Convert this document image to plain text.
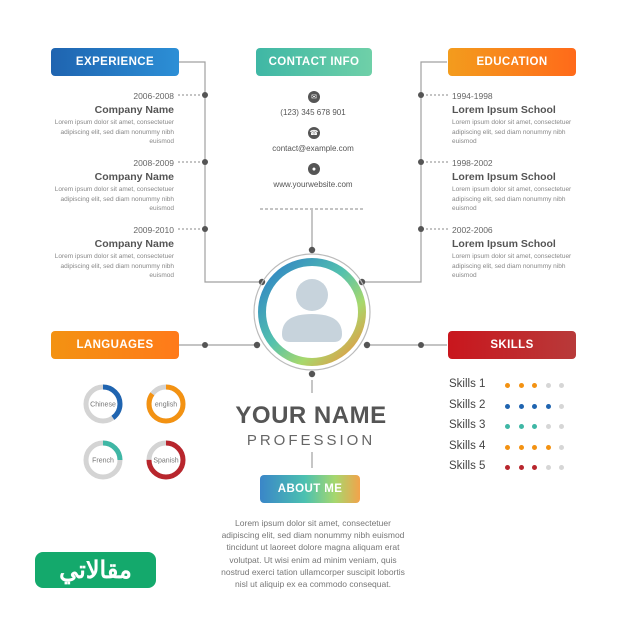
EXPERIENCE	CONTACT INFO	EDUCATION
LANGUAGES	SKILLS
ABOUT ME
2006-2008
Company Name
Lorem ipsum dolor sit amet, consectetuer
adipiscing elit, sed diam nonummy nibh
euismod
2008-2009
Company Name
Lorem ipsum dolor sit amet, consectetuer
adipiscing elit, sed diam nonummy nibh
euismod
2009-2010
Company Name
Lorem ipsum dolor sit amet, consectetuer
adipiscing elit, sed diam nonummy nibh
euismod
1994-1998
Lorem Ipsum School
Lorem ipsum dolor sit amet, consectetuer
adipiscing elit, sed diam nonummy nibh
euismod
1998-2002
Lorem Ipsum School
Lorem ipsum dolor sit amet, consectetuer
adipiscing elit, sed diam nonummy nibh
euismod
2002-2006
Lorem Ipsum School
Lorem ipsum dolor sit amet, consectetuer
adipiscing elit, sed diam nonummy nibh
euismod
✉
(123) 345 678 901
☎
contact@example.com
●
www.yourwebsite.com
YOUR NAME
PROFESSION
Lorem ipsum dolor sit amet, consectetuer
adipiscing elit, sed diam nonummy nibh euismod
tincidunt ut laoreet dolore magna aliquam erat
volutpat. Ut wisi enim ad minim veniam, quis
nostrud exerci tation ullamcorper suscipit lobortis
nisl ut aliquip ex ea commodo consequat.
Chinese	english
French	Spanish
Skills 1
Skills 2
Skills 3
Skills 4
Skills 5
مقالاتي
